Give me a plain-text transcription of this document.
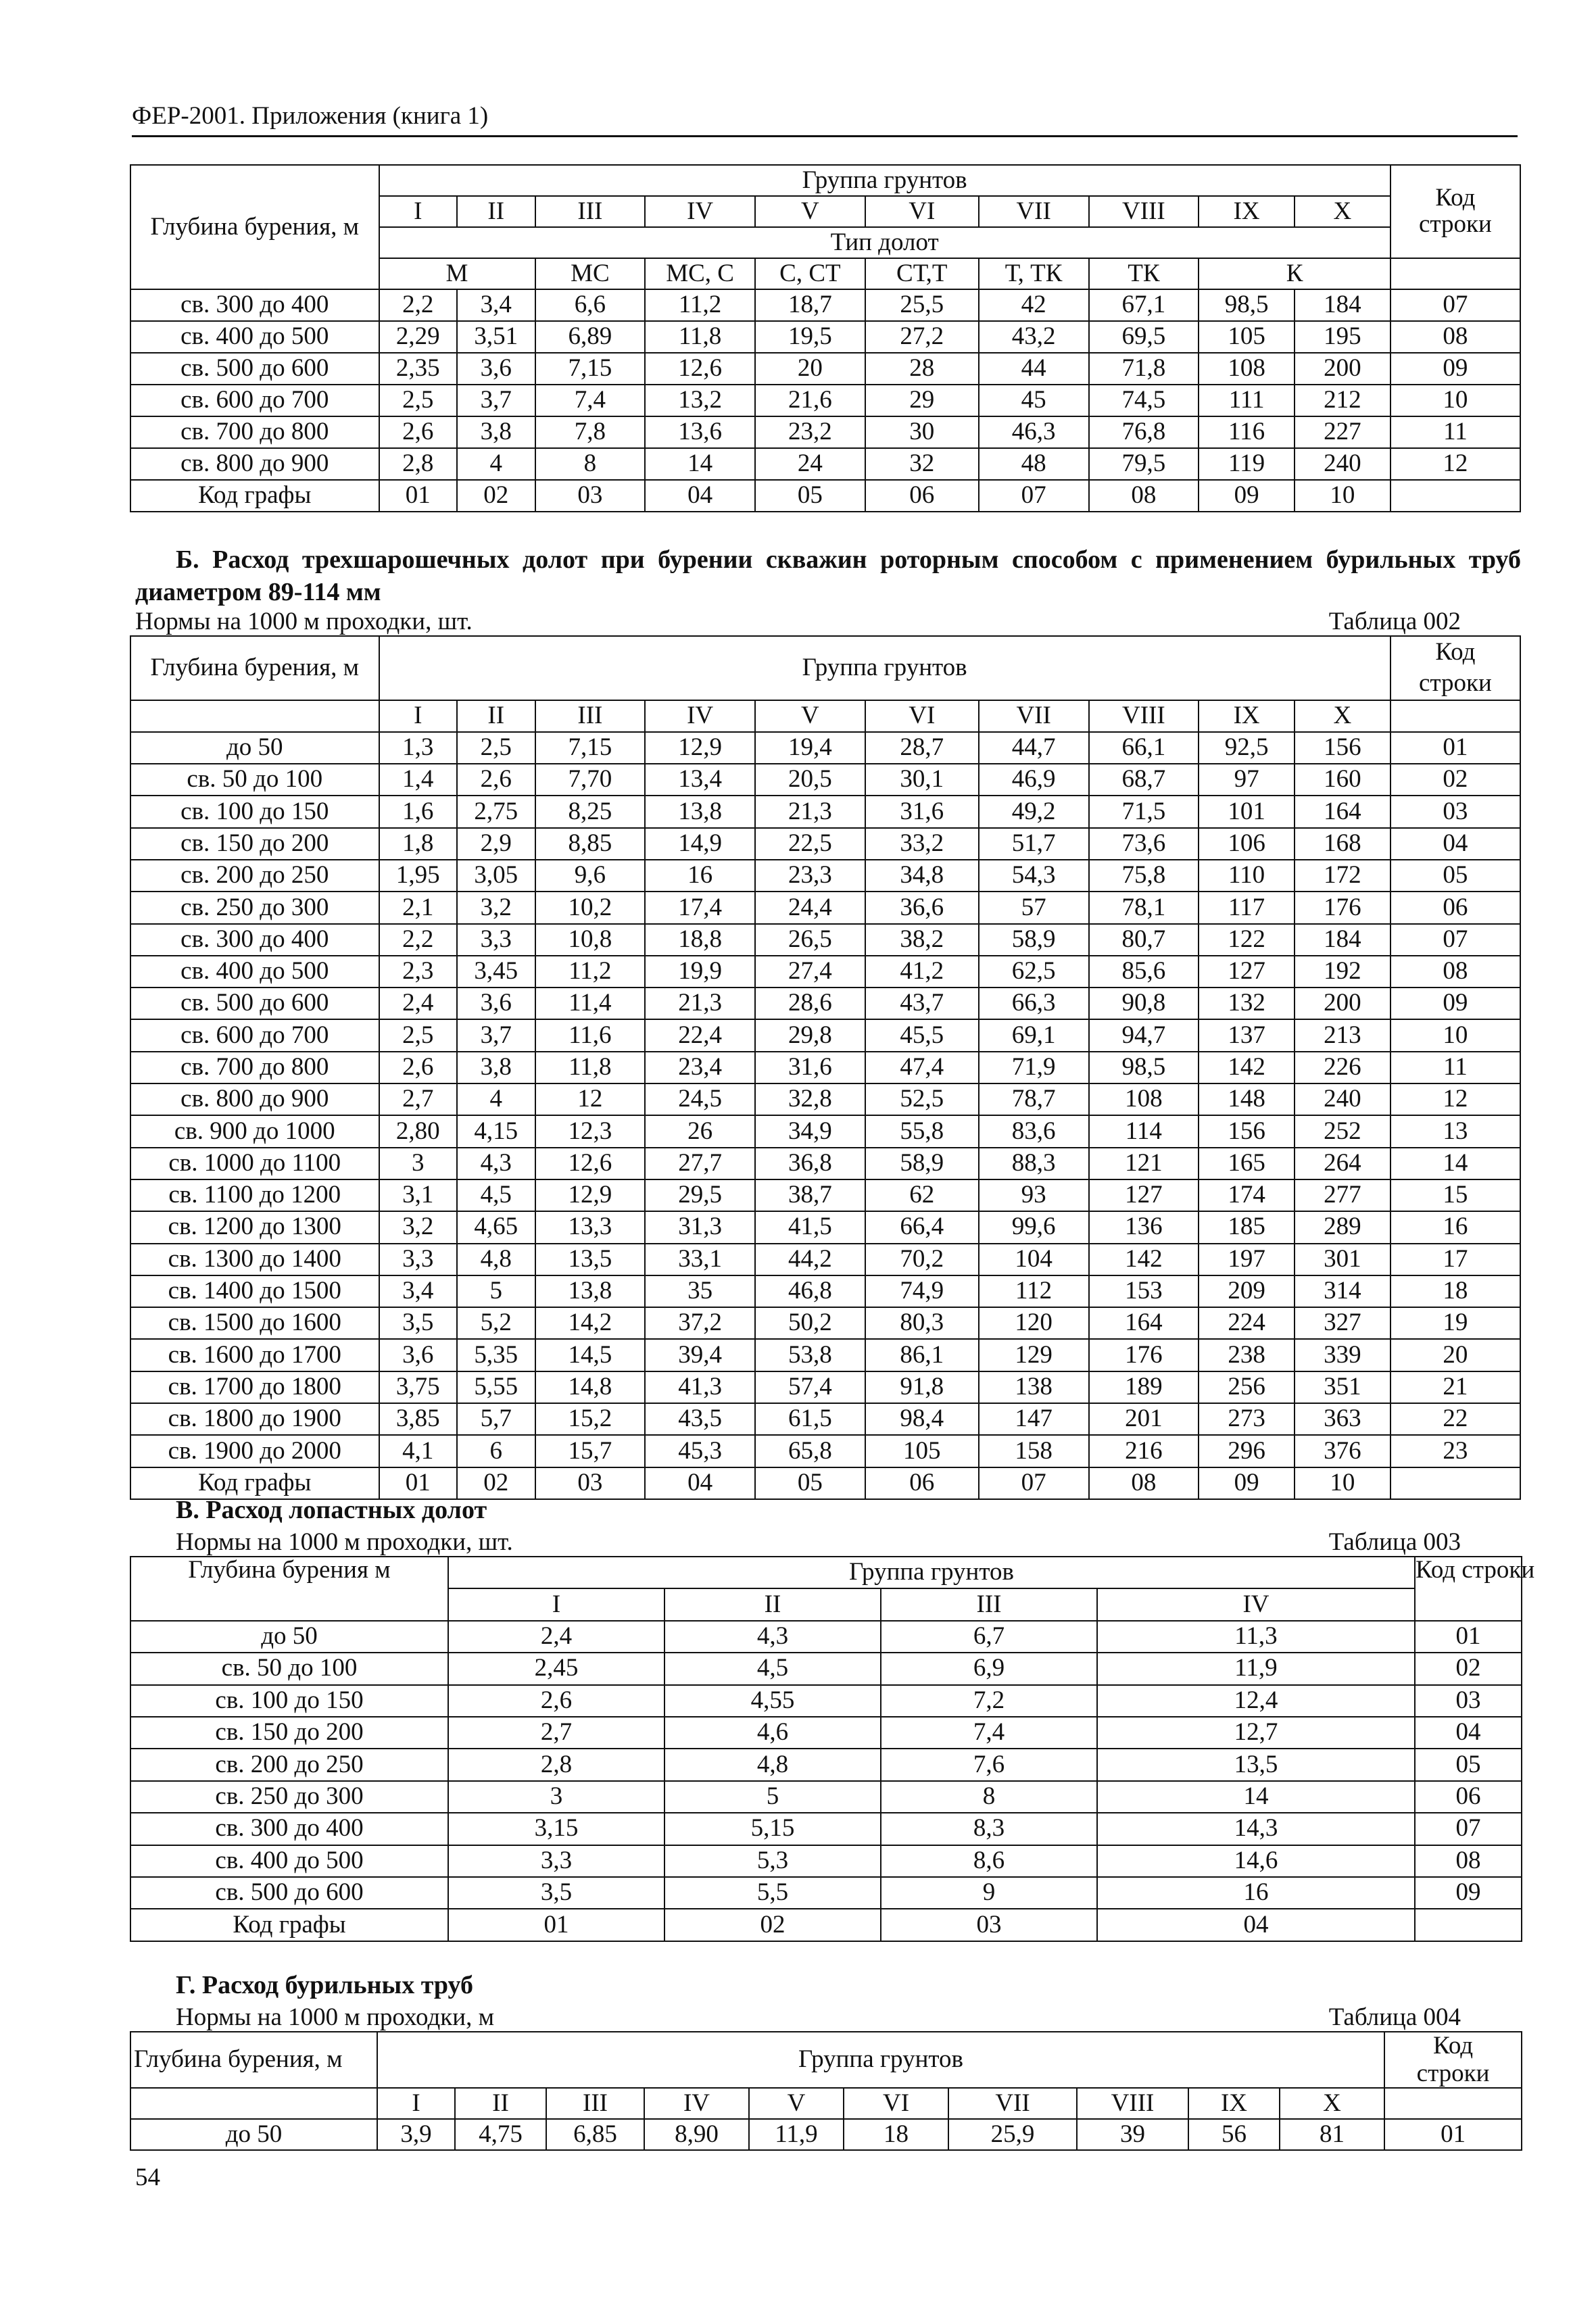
ФЕР-2001. Приложения (книга 1)
Глубина бурения, м	Группа грунтов										Код строки
	I	II	III	IV	V	VI	VII	VIII	IX	X	
	Тип долот										
	М		МС	МС, С	С, СТ	СТ,Т	Т, ТК	ТК	К		
св. 300 до 400	2,2	3,4	6,6	11,2	18,7	25,5	42	67,1	98,5	184	07
св. 400 до 500	2,29	3,51	6,89	11,8	19,5	27,2	43,2	69,5	105	195	08
св. 500 до 600	2,35	3,6	7,15	12,6	20	28	44	71,8	108	200	09
св. 600 до 700	2,5	3,7	7,4	13,2	21,6	29	45	74,5	111	212	10
св. 700 до 800	2,6	3,8	7,8	13,6	23,2	30	46,3	76,8	116	227	11
св. 800 до 900	2,8	4	8	14	24	32	48	79,5	119	240	12
Код графы	01	02	03	04	05	06	07	08	09	10	
Б. Расход трехшарошечных долот при бурении скважин роторным способом с применением бурильных труб диаметром 89-114 мм
Нормы на 1000 м проходки, шт.	Таблица 002
Глубина бурения, м	Группа грунтов										Код строки
	I	II	III	IV	V	VI	VII	VIII	IX	X	
до 50	1,3	2,5	7,15	12,9	19,4	28,7	44,7	66,1	92,5	156	01
св. 50 до 100	1,4	2,6	7,70	13,4	20,5	30,1	46,9	68,7	97	160	02
св. 100 до 150	1,6	2,75	8,25	13,8	21,3	31,6	49,2	71,5	101	164	03
св. 150 до 200	1,8	2,9	8,85	14,9	22,5	33,2	51,7	73,6	106	168	04
св. 200 до 250	1,95	3,05	9,6	16	23,3	34,8	54,3	75,8	110	172	05
св. 250 до 300	2,1	3,2	10,2	17,4	24,4	36,6	57	78,1	117	176	06
св. 300 до 400	2,2	3,3	10,8	18,8	26,5	38,2	58,9	80,7	122	184	07
св. 400 до 500	2,3	3,45	11,2	19,9	27,4	41,2	62,5	85,6	127	192	08
св. 500 до 600	2,4	3,6	11,4	21,3	28,6	43,7	66,3	90,8	132	200	09
св. 600 до 700	2,5	3,7	11,6	22,4	29,8	45,5	69,1	94,7	137	213	10
св. 700 до 800	2,6	3,8	11,8	23,4	31,6	47,4	71,9	98,5	142	226	11
св. 800 до 900	2,7	4	12	24,5	32,8	52,5	78,7	108	148	240	12
св. 900 до 1000	2,80	4,15	12,3	26	34,9	55,8	83,6	114	156	252	13
св. 1000 до 1100	3	4,3	12,6	27,7	36,8	58,9	88,3	121	165	264	14
св. 1100 до 1200	3,1	4,5	12,9	29,5	38,7	62	93	127	174	277	15
св. 1200 до 1300	3,2	4,65	13,3	31,3	41,5	66,4	99,6	136	185	289	16
св. 1300 до 1400	3,3	4,8	13,5	33,1	44,2	70,2	104	142	197	301	17
св. 1400 до 1500	3,4	5	13,8	35	46,8	74,9	112	153	209	314	18
св. 1500 до 1600	3,5	5,2	14,2	37,2	50,2	80,3	120	164	224	327	19
св. 1600 до 1700	3,6	5,35	14,5	39,4	53,8	86,1	129	176	238	339	20
св. 1700 до 1800	3,75	5,55	14,8	41,3	57,4	91,8	138	189	256	351	21
св. 1800 до 1900	3,85	5,7	15,2	43,5	61,5	98,4	147	201	273	363	22
св. 1900 до 2000	4,1	6	15,7	45,3	65,8	105	158	216	296	376	23
Код графы	01	02	03	04	05	06	07	08	09	10	
В. Расход лопастных долот
Нормы на 1000 м проходки, шт.	Таблица 003
Глубина бурения м	Группа грунтов				Код строки
	I	II	III	IV	
до 50	2,4	4,3	6,7	11,3	01
св. 50 до 100	2,45	4,5	6,9	11,9	02
св. 100 до 150	2,6	4,55	7,2	12,4	03
св. 150 до 200	2,7	4,6	7,4	12,7	04
св. 200 до 250	2,8	4,8	7,6	13,5	05
св. 250 до 300	3	5	8	14	06
св. 300 до 400	3,15	5,15	8,3	14,3	07
св. 400 до 500	3,3	5,3	8,6	14,6	08
св. 500 до 600	3,5	5,5	9	16	09
Код графы	01	02	03	04	
Г. Расход бурильных труб
Нормы на 1000 м проходки, м	Таблица 004
Глубина бурения, м	Группа грунтов										Код строки
	I	II	III	IV	V	VI	VII	VIII	IX	X	
до 50	3,9	4,75	6,85	8,90	11,9	18	25,9	39	56	81	01
54
